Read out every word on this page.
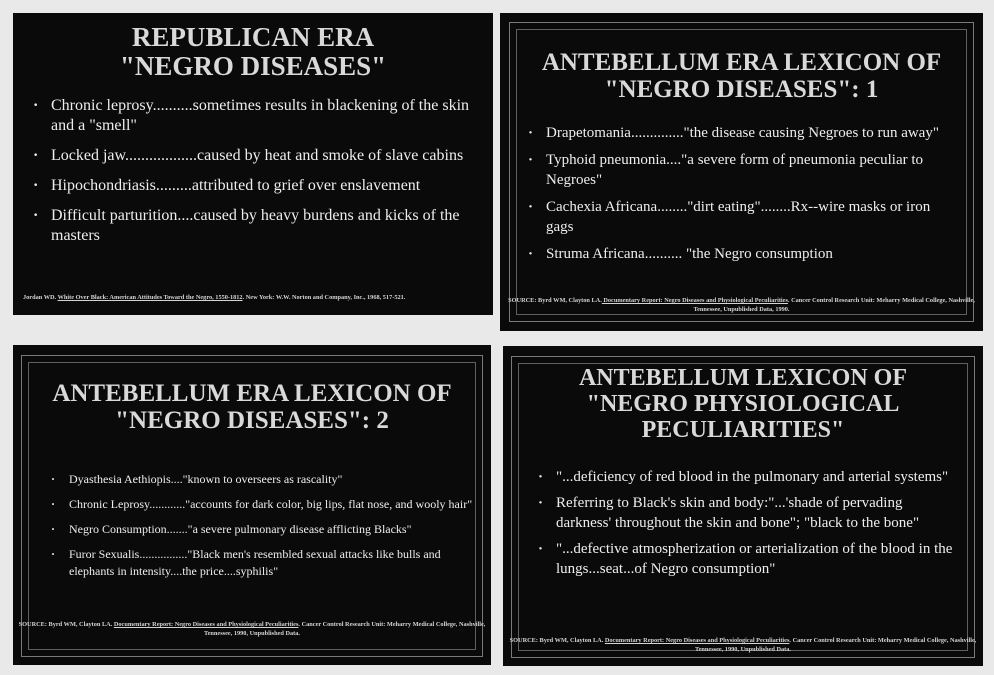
REPUBLICAN ERA
"NEGRO DISEASES"
· Chronic leprosy..........sometimes results in blackening of the skin and a "smell"
· Locked jaw..................caused by heat and smoke of slave cabins
· Hipochondriasis.........attributed to grief over enslavement
· Difficult parturition....caused by heavy burdens and kicks of the masters
Jordan WD. White Over Black: American Attitudes Toward the Negro, 1550-1812. New York: W.W. Norton and Company, Inc., 1968, 517-521.
ANTEBELLUM ERA LEXICON OF
"NEGRO DISEASES": 1
· Drapetomania.............."the disease causing Negroes to run away"
· Typhoid pneumonia...."a severe form of pneumonia peculiar to Negroes"
· Cachexia Africana........"dirt eating"........Rx--wire masks or iron gags
· Struma Africana.......... "the Negro consumption
SOURCE: Byrd WM, Clayton LA. Documentary Report: Negro Diseases and Physiological Peculiarities. Cancer Control Research Unit: Meharry Medical College, Nashville, Tennessee, Unpublished Data, 1990.
ANTEBELLUM ERA LEXICON OF
"NEGRO DISEASES": 2
· Dyasthesia Aethiopis...."known to overseers as rascality"
· Chronic Leprosy............"accounts for dark color, big lips, flat nose, and wooly hair"
· Negro Consumption......."a severe pulmonary disease afflicting Blacks"
· Furor Sexualis................"Black men's resembled sexual attacks like bulls and elephants in intensity....the price....syphilis"
SOURCE: Byrd WM, Clayton LA. Documentary Report: Negro Diseases and Physiological Peculiarities. Cancer Control Research Unit: Meharry Medical College, Nashville, Tennessee, 1990, Unpublished Data.
ANTEBELLUM LEXICON OF
"NEGRO PHYSIOLOGICAL
PECULIARITIES"
· "...deficiency of red blood in the pulmonary and arterial systems"
· Referring to Black's skin and body:"...'shade of pervading darkness' throughout the skin and bone"; "black to the bone"
· "...defective atmospherization or arterialization of the blood in the lungs...seat...of Negro consumption"
SOURCE: Byrd WM, Clayton LA. Documentary Report: Negro Diseases and Physiological Peculiarities. Cancer Control Research Unit: Meharry Medical College, Nashville, Tennessee, 1990, Unpublished Data.
